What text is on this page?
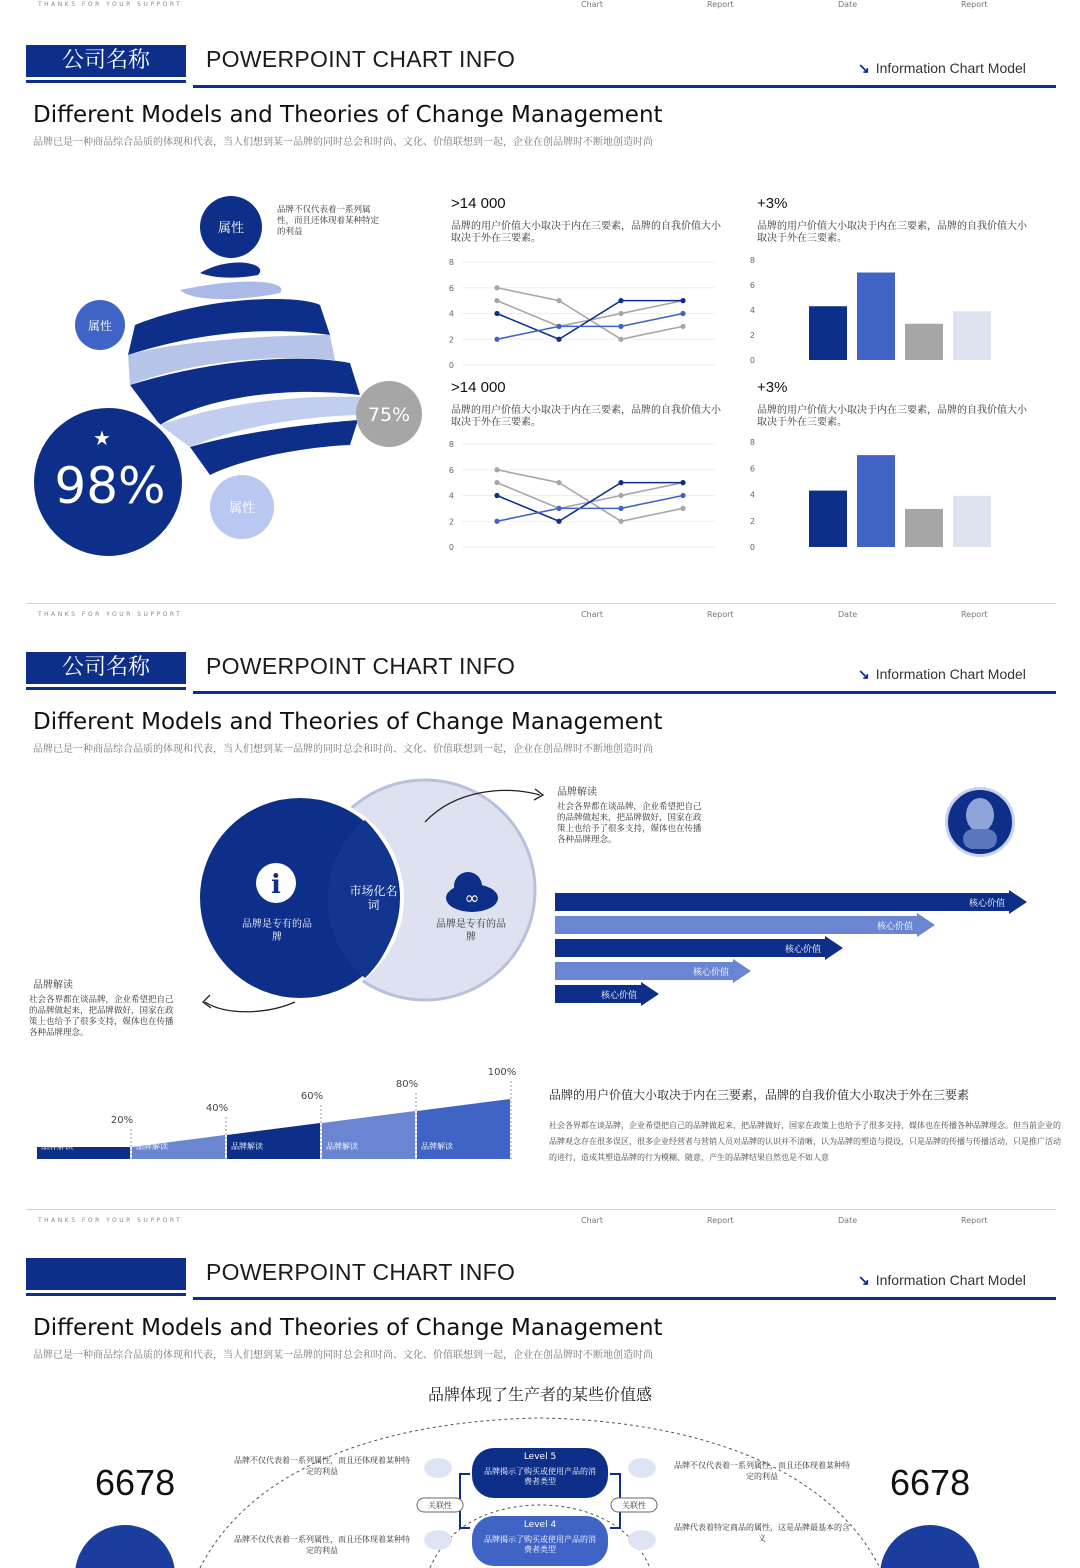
THANKS FOR YOUR SUPPORT	Chart	Report	Date	Report
公司名称	POWERPOINT CHART INFO	↘ Information Chart Model
Different Models and Theories of Change Management
品牌已是一种商品综合品质的体现和代表，当人们想到某一品牌的同时总会和时尚、文化、价值联想到一起，企业在创品牌时不断地创造时尚
属性
属性
75%
属性
★
98%
品牌不仅代表着一系列属性，而且还体现着某种特定的利益
>14 000
品牌的用户价值大小取决于内在三要素，品牌的自我价值大小取决于外在三要素。
+3%
品牌的用户价值大小取决于内在三要素，品牌的自我价值大小取决于外在三要素。
>14 000
品牌的用户价值大小取决于内在三要素，品牌的自我价值大小取决于外在三要素。
+3%
品牌的用户价值大小取决于内在三要素，品牌的自我价值大小取决于外在三要素。
0
2
4
6
8
0
2
4
6
8
0
2
4
6
8
0
2
4
6
8
THANKS FOR YOUR SUPPORT	Chart	Report	Date	Report
公司名称	POWERPOINT CHART INFO	↘ Information Chart Model
Different Models and Theories of Change Management
品牌已是一种商品综合品质的体现和代表，当人们想到某一品牌的同时总会和时尚、文化、价值联想到一起，企业在创品牌时不断地创造时尚
i	∞
品牌是专有的品牌
市场化名词
品牌是专有的品牌
品牌解读
社会各界都在谈品牌，企业希望把自己的品牌做起来，把品牌做好，国家在政策上也给予了很多支持，媒体也在传播各种品牌理念。
品牌解读
社会各界都在谈品牌，企业希望把自己的品牌做起来，把品牌做好，国家在政策上也给予了很多支持，媒体也在传播各种品牌理念。
核心价值
核心价值
核心价值
核心价值
核心价值
20%
品牌解读
40%
品牌解读
60%
品牌解读
80%
品牌解读
100%
品牌解读
品牌的用户价值大小取决于内在三要素，品牌的自我价值大小取决于外在三要素
社会各界都在谈品牌，企业希望把自己的品牌做起来，把品牌做好，国家在政策上也给予了很多支持，媒体也在传播各种品牌理念。但当前企业的品牌观念存在很多误区，很多企业经营者与营销人员对品牌的认识并不清晰，认为品牌的塑造与提设，只是品牌的传播与传播活动，只是推广活动的进行，造成其塑造品牌的行为模糊、随意，产生的品牌结果自然也是不如人意
THANKS FOR YOUR SUPPORT	Chart	Report	Date	Report
POWERPOINT CHART INFO	↘ Information Chart Model
Different Models and Theories of Change Management
品牌已是一种商品综合品质的体现和代表，当人们想到某一品牌的同时总会和时尚、文化、价值联想到一起，企业在创品牌时不断地创造时尚
品牌体现了生产者的某些价值感
6678	6678
品牌不仅代表着一系列属性，而且还体现着某种特定的利益
品牌不仅代表着一系列属性，而且还体现着某种特定的利益
品牌不仅代表着一系列属性，而且还体现着某种特定的利益
品牌代表着特定商品的属性，这是品牌最基本的含义
Level 5
品牌揭示了购买或使用产品的消费者类型
Level 4
品牌揭示了购买或使用产品的消费者类型
关联性	关联性
